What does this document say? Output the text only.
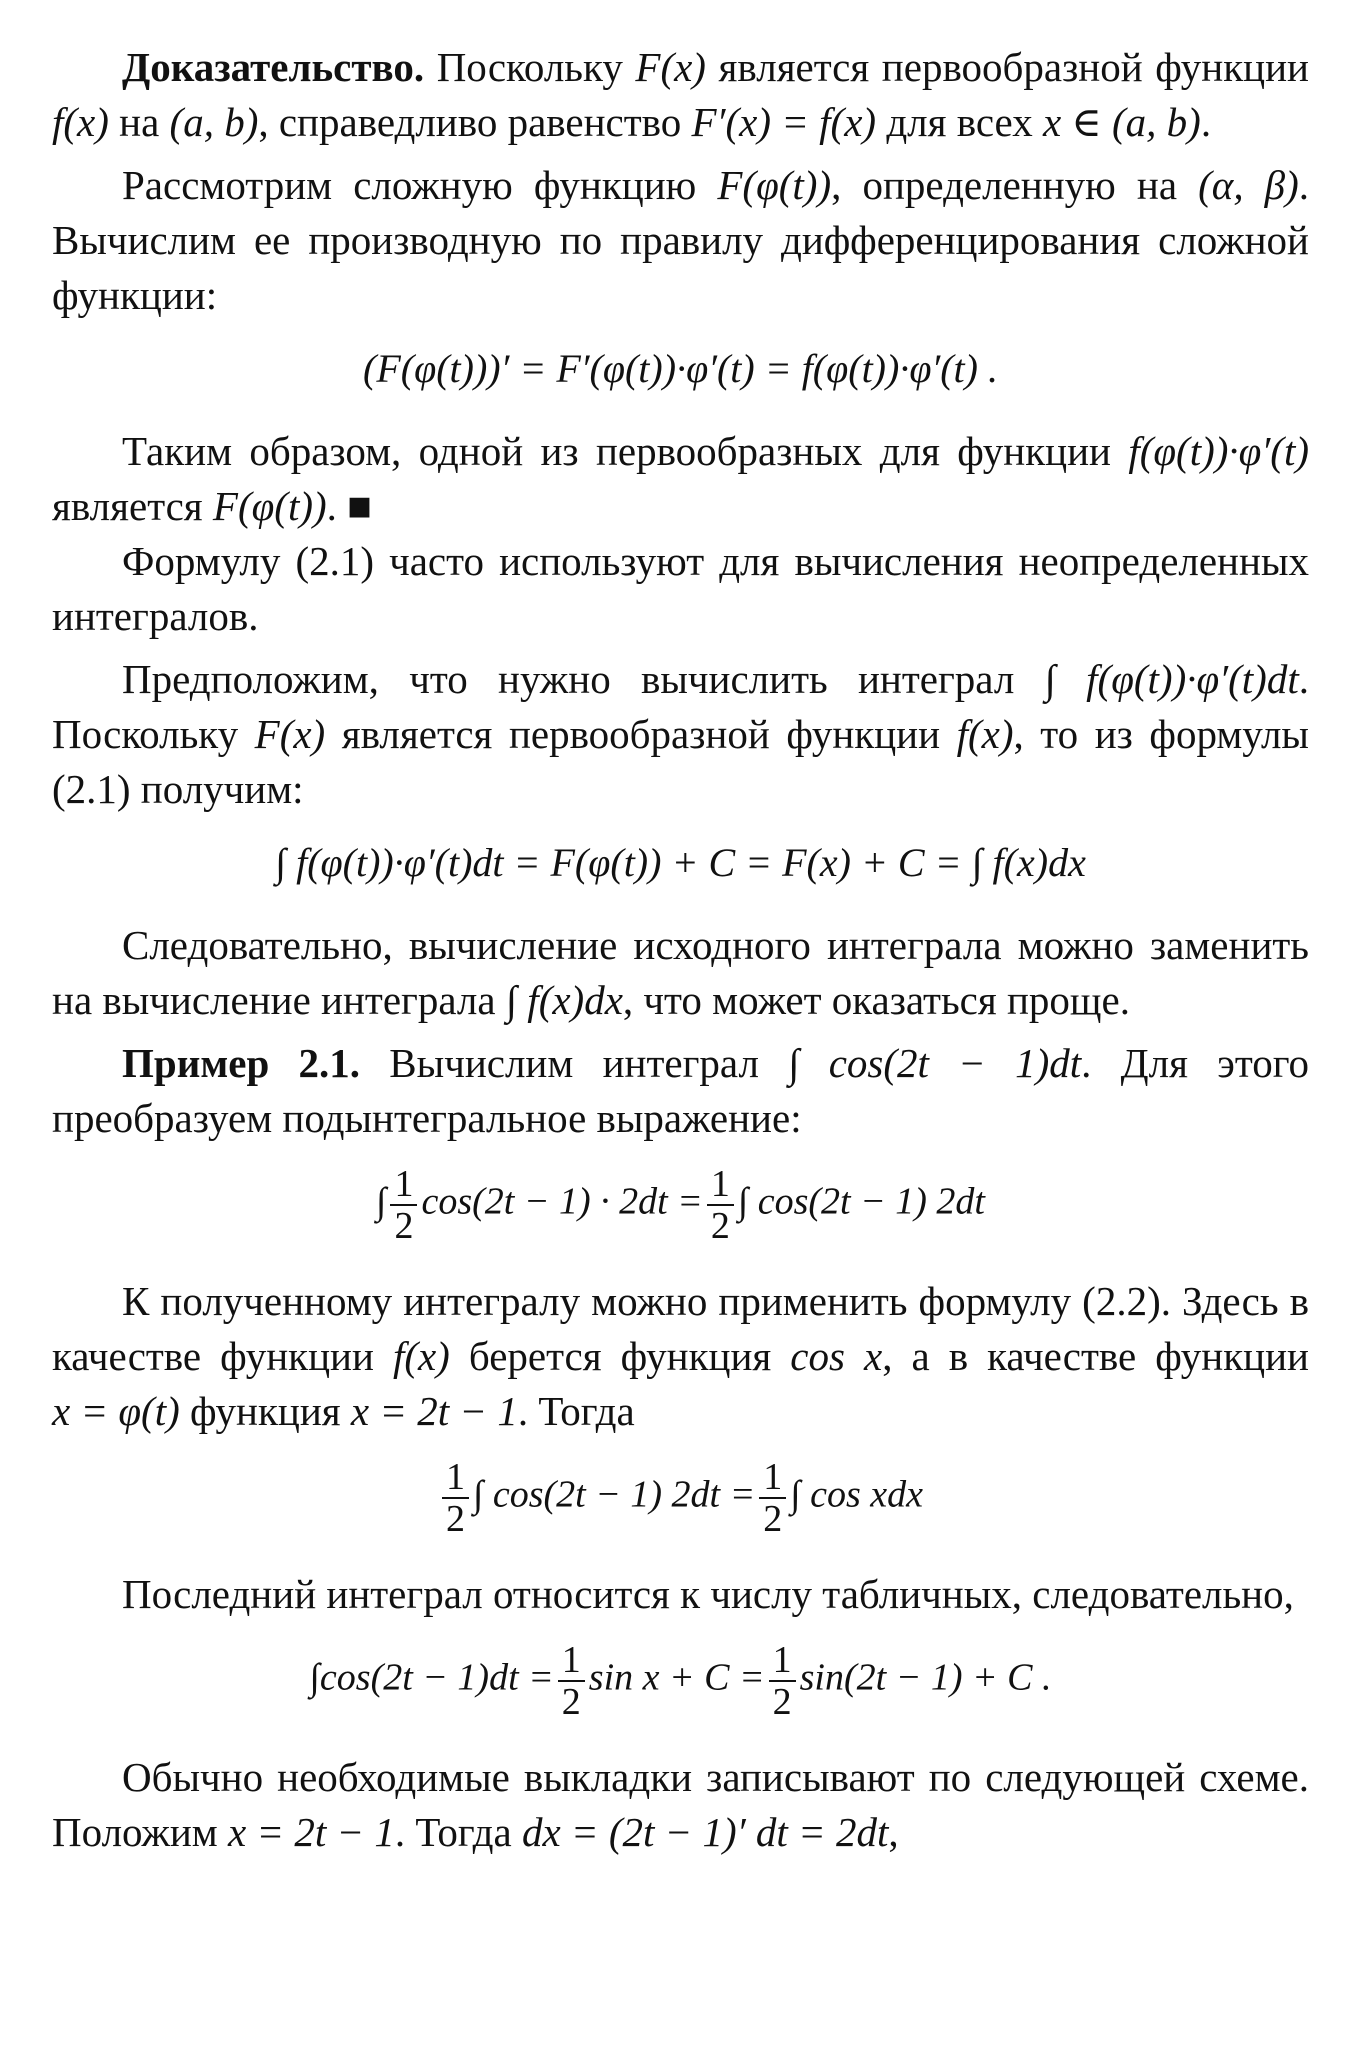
Доказательство. Поскольку F(x) является первообразной функции f(x) на (a, b), справедливо равенство F′(x) = f(x) для всех x ∈ (a, b).

Рассмотрим сложную функцию F(φ(t)), определенную на (α, β). Вычислим ее производную по правилу дифференцирования сложной функции:

(F(φ(t)))′ = F′(φ(t))·φ′(t) = f(φ(t))·φ′(t) .

Таким образом, одной из первообразных для функции f(φ(t))·φ′(t) является F(φ(t)). ■

Формулу (2.1) часто используют для вычисления неопределенных интегралов.

Предположим, что нужно вычислить интеграл ∫ f(φ(t))·φ′(t)dt. Поскольку F(x) является первообразной функции f(x), то из формулы (2.1) получим:

∫ f(φ(t))·φ′(t)dt = F(φ(t)) + C = F(x) + C = ∫ f(x)dx

Следовательно, вычисление исходного интеграла можно заменить на вычисление интеграла ∫ f(x)dx, что может оказаться проще.

Пример 2.1. Вычислим интеграл ∫ cos(2t − 1)dt. Для этого преобразуем подынтегральное выражение:

∫ $\frac{1}{2} \cos(2t - 1) \cdot 2dt = \frac{1}{2}$ ∫ cos(2t − 1) 2dt

К полученному интегралу можно применить формулу (2.2). Здесь в качестве функции f(x) берется функция cos x, а в качестве функции x = φ(t) функция x = 2t − 1. Тогда

$\frac{1}{2}$ ∫ cos(2t − 1) $2dt = \frac{1}{2}$ ∫ cos xdx

Последний интеграл относится к числу табличных, следовательно,

$\int\cos(2t - 1)dt = \frac{1}{2}$ $\sin x + C = \frac{1}{2} \sin(2t - 1) + C$ .

Обычно необходимые выкладки записывают по следующей схеме. Положим x = 2t − 1. Тогда dx = (2t − 1)′ dt = 2dt,
